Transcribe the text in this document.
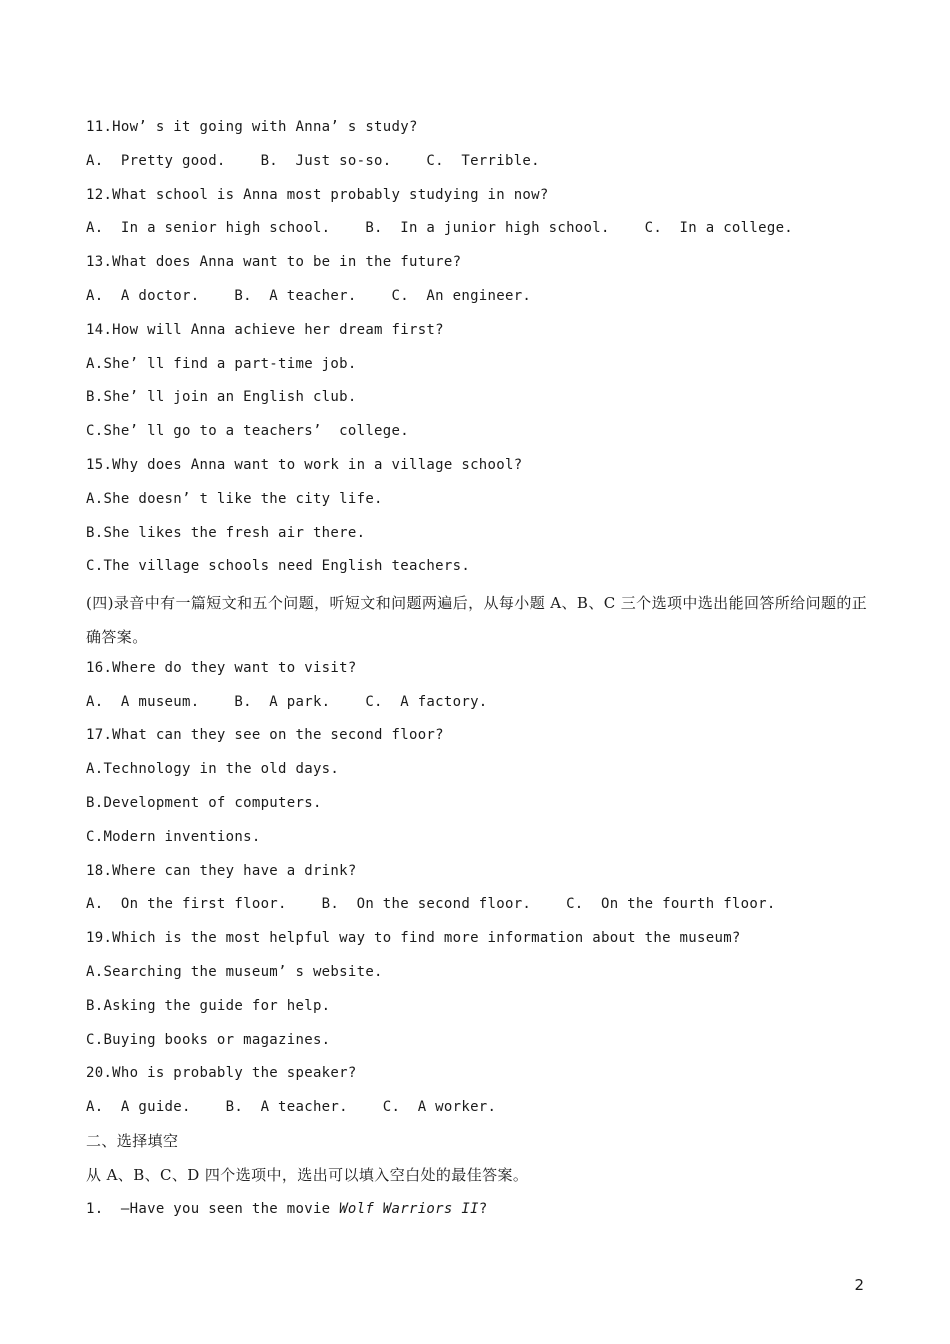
11.How’ s it going with Anna’ s study?
A.  Pretty good.    B.  Just so-so.    C.  Terrible.
12.What school is Anna most probably studying in now?
A.  In a senior high school.    B.  In a junior high school.    C.  In a college.
13.What does Anna want to be in the future?
A.  A doctor.    B.  A teacher.    C.  An engineer.
14.How will Anna achieve her dream first?
A.She’ ll find a part-time job.
B.She’ ll join an English club.
C.She’ ll go to a teachers’  college.
15.Why does Anna want to work in a village school?
A.She doesn’ t like the city life.
B.She likes the fresh air there.
C.The village schools need English teachers.
(四)录音中有一篇短文和五个问题，听短文和问题两遍后，从每小题 A、B、C 三个选项中选出能回答所给问题的正确答案。
16.Where do they want to visit?
A.  A museum.    B.  A park.    C.  A factory.
17.What can they see on the second floor?
A.Technology in the old days.
B.Development of computers.
C.Modern inventions.
18.Where can they have a drink?
A.  On the first floor.    B.  On the second floor.    C.  On the fourth floor.
19.Which is the most helpful way to find more information about the museum?
A.Searching the museum’ s website.
B.Asking the guide for help.
C.Buying books or magazines.
20.Who is probably the speaker?
A.  A guide.    B.  A teacher.    C.  A worker.
二、选择填空
从 A、B、C、D 四个选项中，选出可以填入空白处的最佳答案。
1.  —Have you seen the movie Wolf Warriors II?
2
